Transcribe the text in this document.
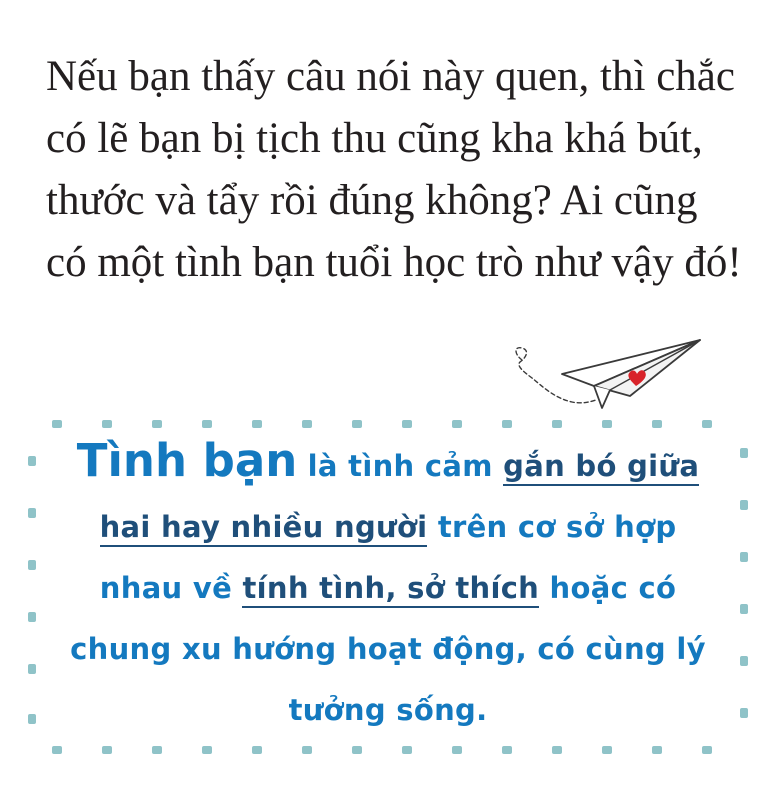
Nếu bạn thấy câu nói này quen, thì chắc
có lẽ bạn bị tịch thu cũng kha khá bút,
thước và tẩy rồi đúng không? Ai cũng
có một tình bạn tuổi học trò như vậy đó!
Tình bạn là tình cảm gắn bó giữa
hai hay nhiều người trên cơ sở hợp
nhau về tính tình, sở thích hoặc có
chung xu hướng hoạt động, có cùng lý
tưởng sống.
